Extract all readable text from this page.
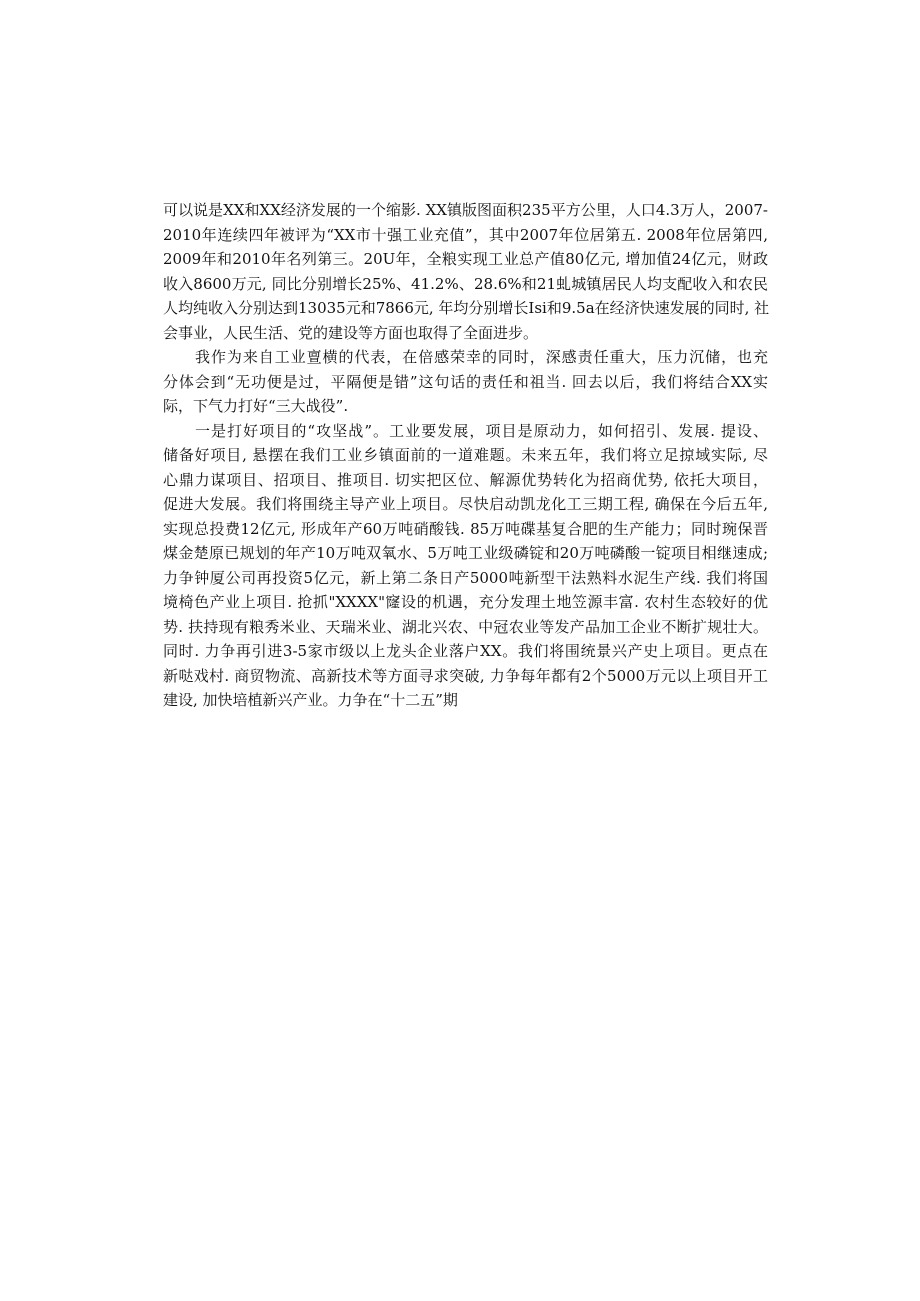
可以说是XX和XX经济发展的一个缩影. XX镇版图面积235平方公里，人口4.3万人，2007-
2010年连续四年被评为“XX市十强工业充值”，其中2007年位居第五. 2008年位居第四,
2009年和2010年名列第三。20U年，全粮实现工业总产值80亿元, 增加值24亿元，财政
收入8600万元, 同比分别增长25%、41.2%、28.6%和21虬城镇居民人均支配收入和农民
人均纯收入分别达到13035元和7866元, 年均分别增长Isi和9.5a在经济快速发展的同时, 社
会事业，人民生活、党的建设等方面也取得了全面进步。
我作为来自工业亶横的代表，在倍感荣幸的同时，深感责任重大，压力沉储，也充
分体会到“无功便是过，平隔便是错”这句话的责任和祖当. 回去以后，我们将结合XX实
际，下气力打好“三大战役”.
一是打好项目的“攻坚战”。工业要发展，项目是原动力，如何招引、发展. 提设、
储备好项目, 悬摆在我们工业乡镇面前的一道难题。未来五年，我们将立足掠域实际, 尽
心鼎力谋项目、招项目、推项目. 切实把区位、解源优势转化为招商优势, 依托大项目，
促进大发展。我们将围绕主导产业上项目。尽快启动凯龙化工三期工程, 确保在今后五年,
实现总投费12亿元, 形成年产60万吨硝酸钱. 85万吨碟基复合肥的生产能力；同时琬保晋
煤金楚原已规划的年产10万吨双氧水、5万吨工业级磷锭和20万吨磷酸一锭项目相继速成;
力争钟厦公司再投资5亿元，新上第二条日产5000吨新型干法熟料水泥生产线. 我们将国
境椅色产业上项目. 抢抓"XXXX"窿设的机遇，充分发理土地笠源丰富. 农村生态较好的优
势. 扶持现有粮秀米业、天瑞米业、湖北兴农、中冠农业等发产品加工企业不断扩规壮大。
同时. 力争再引进3-5家市级以上龙头企业落户XX。我们将围统景兴产史上项目。更点在
新哒戏村. 商贸物流、高新技术等方面寻求突破, 力争每年都有2个5000万元以上项目开工
建设, 加快培植新兴产业。力争在“十二五”期
